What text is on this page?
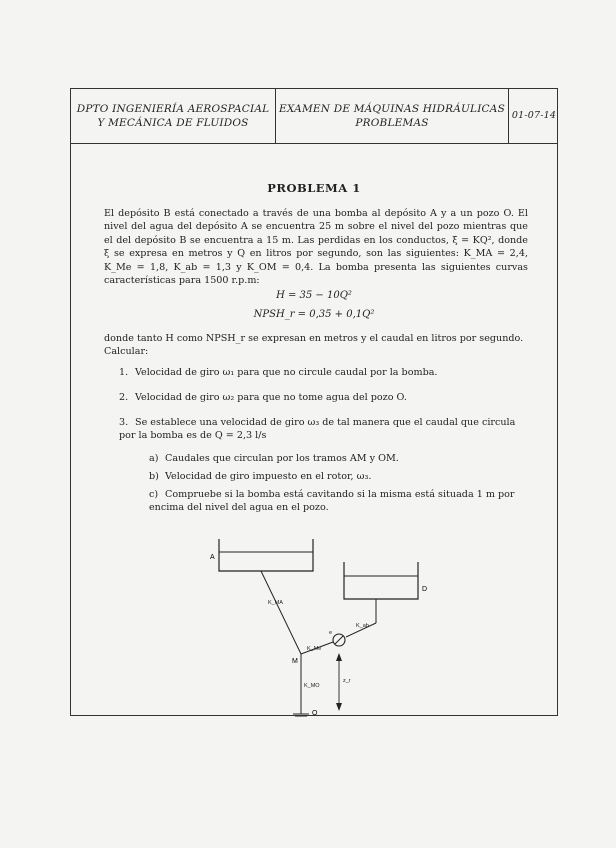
DPTO INGENIERÍA AEROSPACIAL
Y MECÁNICA DE FLUIDOS
EXAMEN DE MÁQUINAS HIDRÁULICAS
PROBLEMAS
01-07-14
PROBLEMA 1
El depósito B está conectado a través de una bomba al depósito A y a un pozo O. El nivel del agua del depósito A se encuentra 25 m sobre el nivel del pozo mientras que el del depósito B se encuentra a 15 m. Las perdidas en los conductos, ξ = KQ², donde ξ se expresa en metros y Q en litros por segundo, son las siguientes: K_MA = 2,4, K_Me = 1,8, K_ab = 1,3 y K_OM = 0,4. La bomba presenta las siguientes curvas características para 1500 r.p.m:
H = 35 − 10Q²
NPSH_r = 0,35 + 0,1Q²
donde tanto H como NPSH_r se expresan en metros y el caudal en litros por segundo. Calcular:
1. Velocidad de giro ω₁ para que no circule caudal por la bomba.
2. Velocidad de giro ω₂ para que no tome agua del pozo O.
3. Se establece una velocidad de giro ω₃ de tal manera que el caudal que circula por la bomba es de Q = 2,3 l/s
a) Caudales que circulan por los tramos AM y OM.
b) Velocidad de giro impuesto en el rotor, ω₃.
c) Compruebe si la bomba está cavitando si la misma está situada 1 m por encima del nivel del agua en el pozo.
A
D
K_MA
K_Me
K_ab
K_MO
z_r
e
M
O
